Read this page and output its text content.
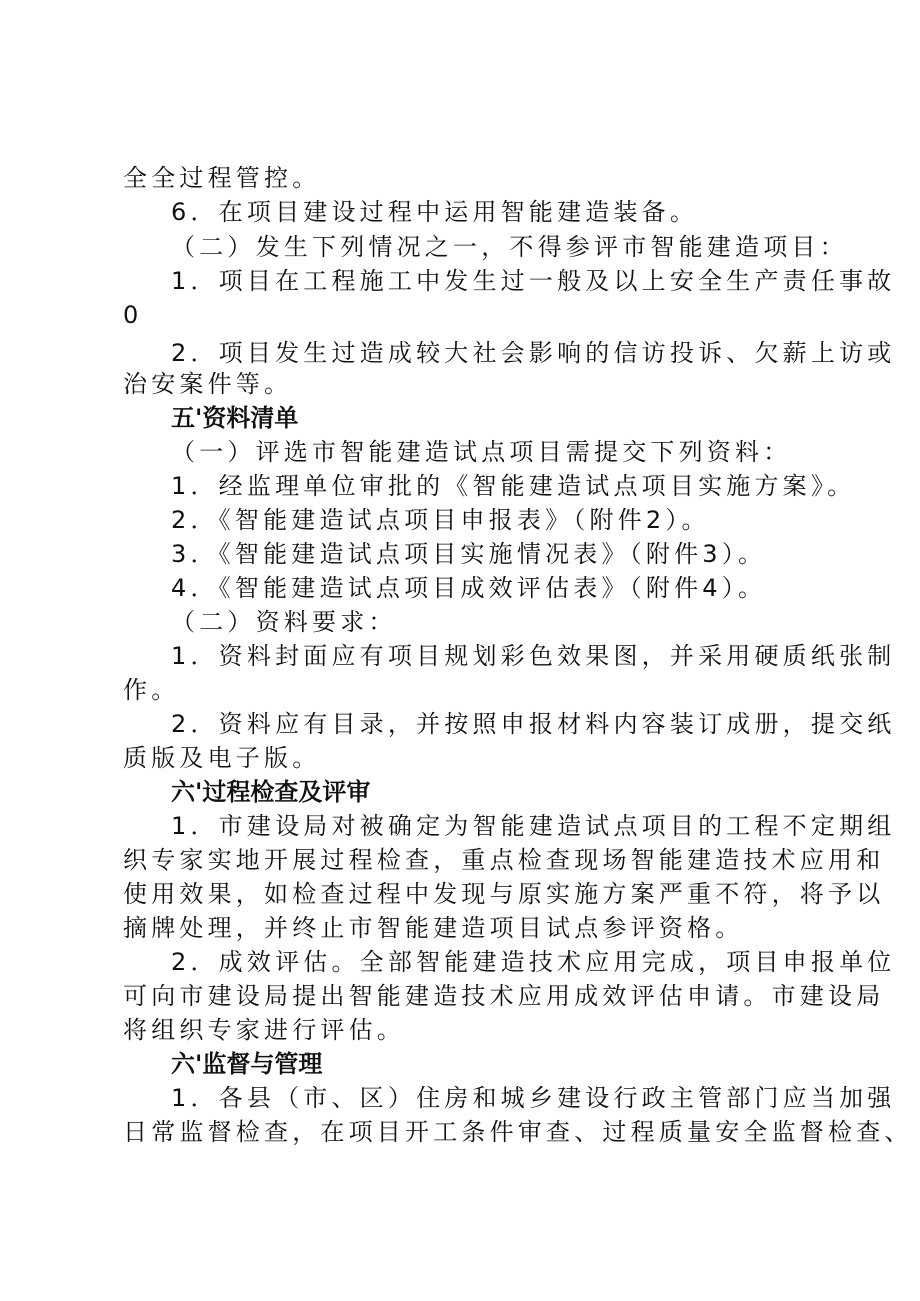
全全过程管控。
6．在项目建设过程中运用智能建造装备。
（二）发生下列情况之一，不得参评市智能建造项目：
1．项目在工程施工中发生过一般及以上安全生产责任事故
0
2．项目发生过造成较大社会影响的信访投诉、欠薪上访或
治安案件等。
五'资料清单
（一）评选市智能建造试点项目需提交下列资料：
1．经监理单位审批的《智能建造试点项目实施方案》。
2．《智能建造试点项目申报表》（附件2）。
3．《智能建造试点项目实施情况表》（附件3）。
4．《智能建造试点项目成效评估表》（附件4）。
（二）资料要求：
1．资料封面应有项目规划彩色效果图，并采用硬质纸张制
作。
2．资料应有目录，并按照申报材料内容装订成册，提交纸
质版及电子版。
六'过程检查及评审
1．市建设局对被确定为智能建造试点项目的工程不定期组
织专家实地开展过程检查，重点检查现场智能建造技术应用和
使用效果，如检查过程中发现与原实施方案严重不符，将予以
摘牌处理，并终止市智能建造项目试点参评资格。
2．成效评估。全部智能建造技术应用完成，项目申报单位
可向市建设局提出智能建造技术应用成效评估申请。市建设局
将组织专家进行评估。
六'监督与管理
1．各县（市、区）住房和城乡建设行政主管部门应当加强
日常监督检查，在项目开工条件审查、过程质量安全监督检查、
